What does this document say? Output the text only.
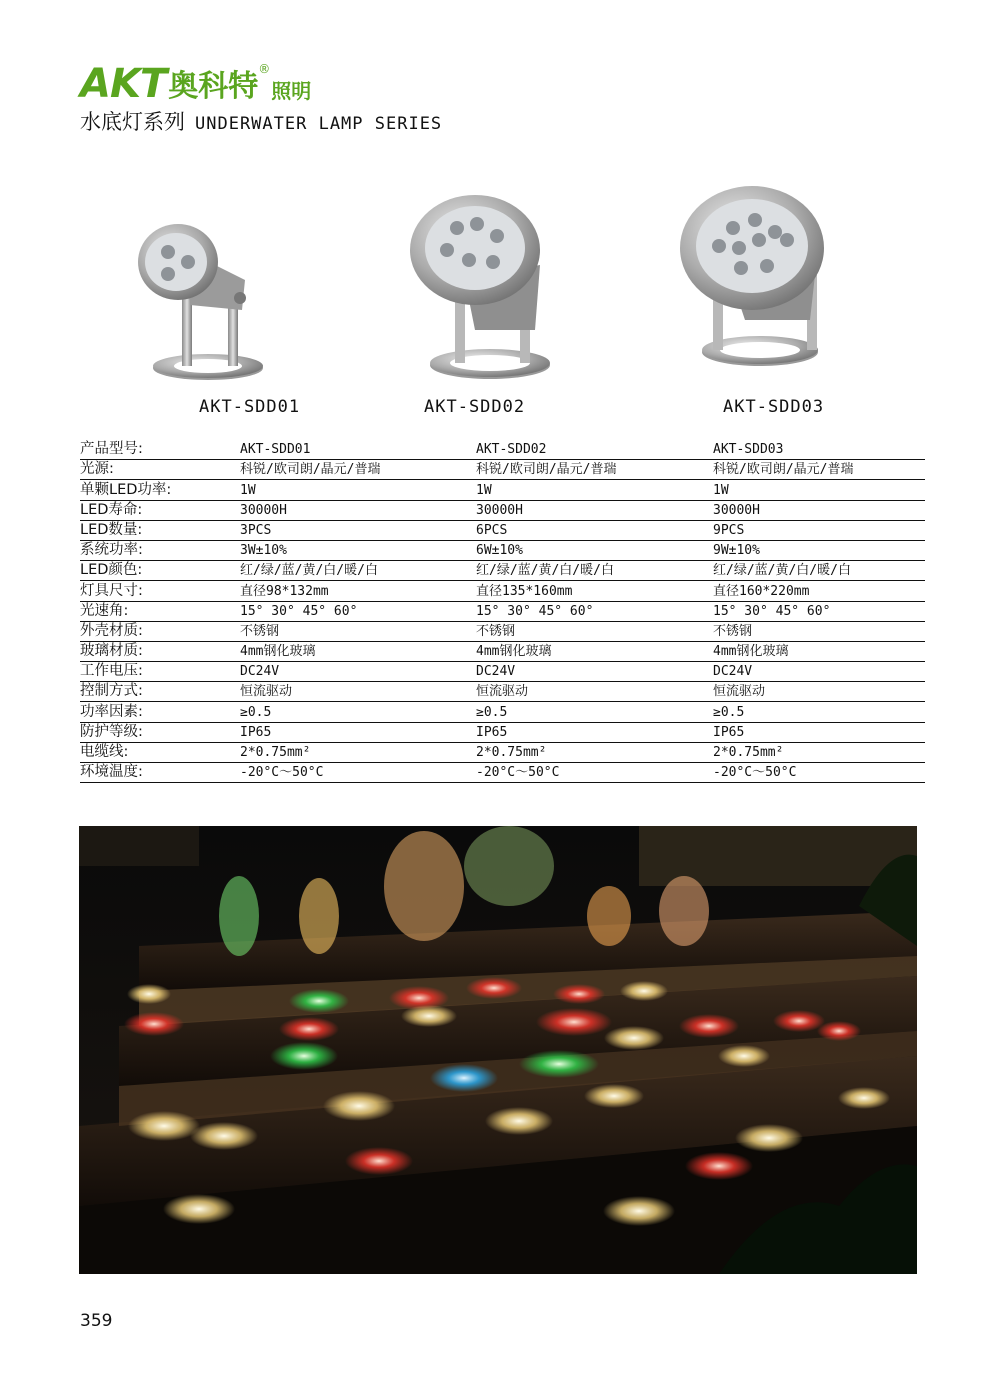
AKT 奥科特 ®
照明
水底灯系列 UNDERWATER LAMP SERIES
AKT-SDD01	AKT-SDD02	AKT-SDD03
产品型号:	AKT-SDD01	AKT-SDD02	AKT-SDD03
光源:	科锐/欧司朗/晶元/普瑞	科锐/欧司朗/晶元/普瑞	科锐/欧司朗/晶元/普瑞
单颗LED功率:	1W	1W	1W
LED寿命:	30000H	30000H	30000H
LED数量:	3PCS	6PCS	9PCS
系统功率:	3W±10%	6W±10%	9W±10%
LED颜色:	红/绿/蓝/黄/白/暖/白	红/绿/蓝/黄/白/暖/白	红/绿/蓝/黄/白/暖/白
灯具尺寸:	直径98*132mm	直径135*160mm	直径160*220mm
光速角:	15° 30° 45° 60°	15° 30° 45° 60°	15° 30° 45° 60°
外壳材质:	不锈钢	不锈钢	不锈钢
玻璃材质:	4mm钢化玻璃	4mm钢化玻璃	4mm钢化玻璃
工作电压:	DC24V	DC24V	DC24V
控制方式:	恒流驱动	恒流驱动	恒流驱动
功率因素:	≥0.5	≥0.5	≥0.5
防护等级:	IP65	IP65	IP65
电缆线:	2*0.75mm²	2*0.75mm²	2*0.75mm²
环境温度:	-20°C～50°C	-20°C～50°C	-20°C～50°C
359
